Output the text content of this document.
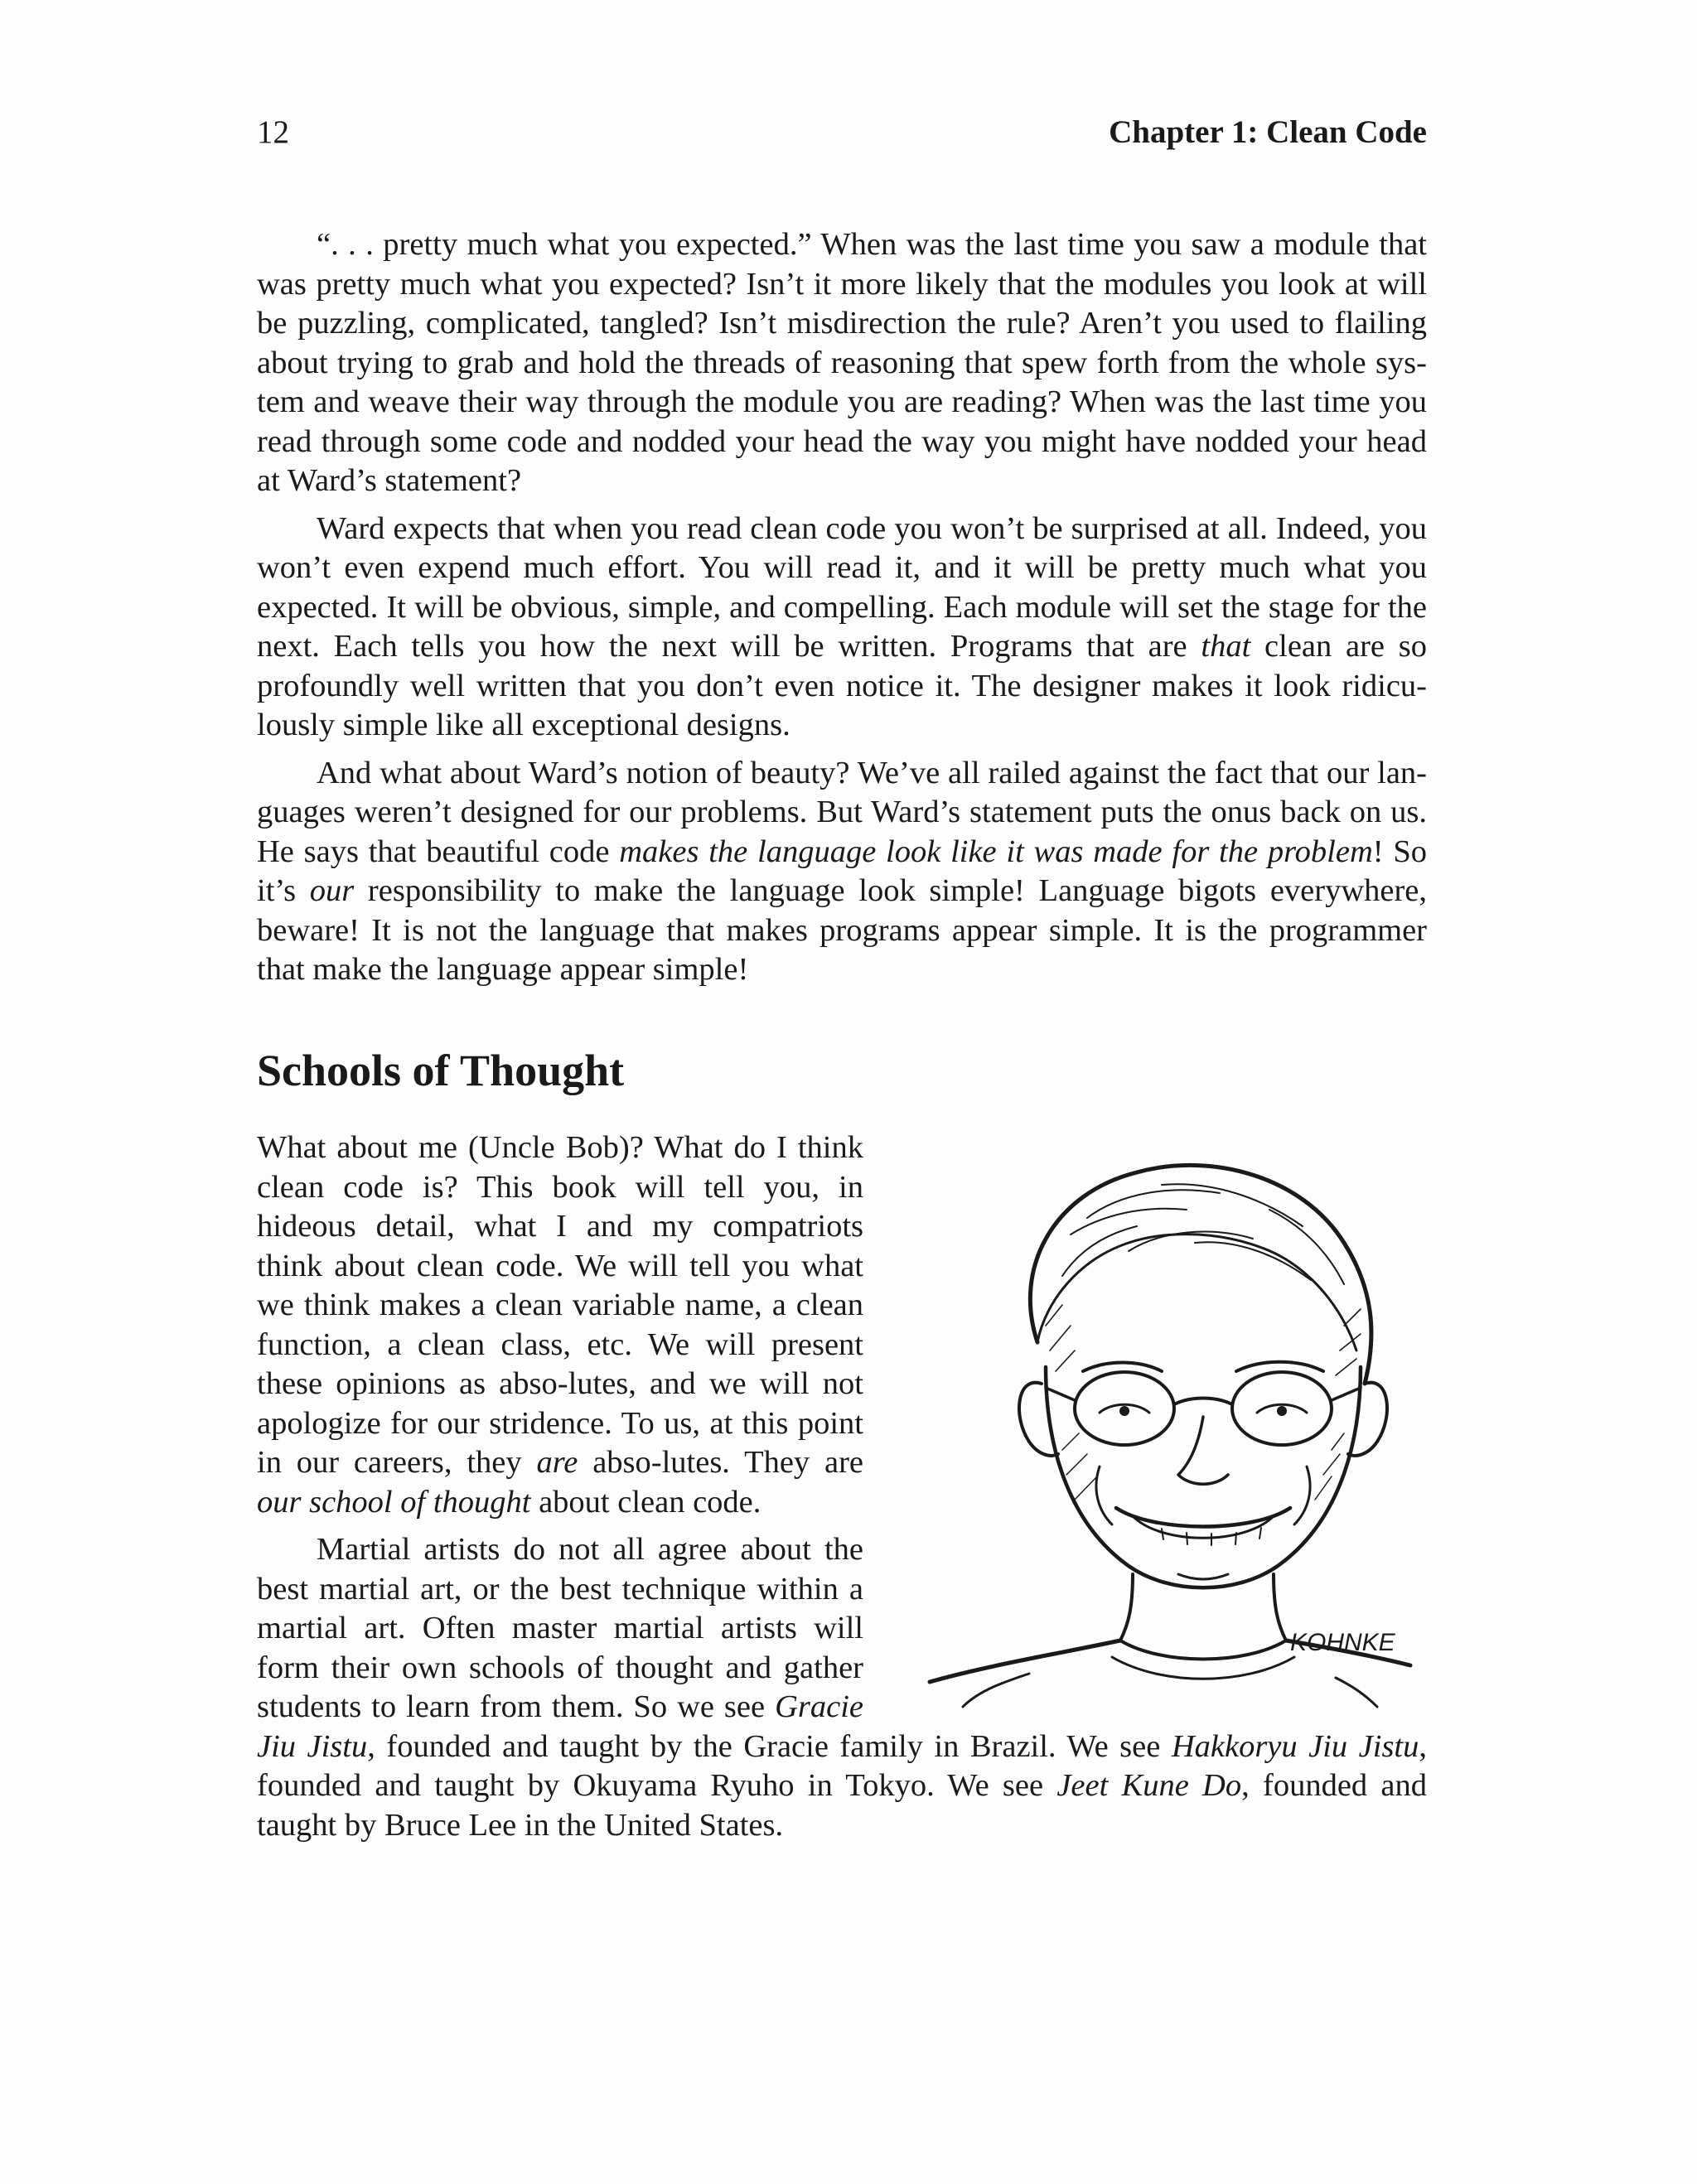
12	Chapter 1: Clean Code

“. . . pretty much what you expected.” When was the last time you saw a module that was pretty much what you expected? Isn’t it more likely that the modules you look at will be puzzling, complicated, tangled? Isn’t misdirection the rule? Aren’t you used to flailing about trying to grab and hold the threads of reasoning that spew forth from the whole sys-tem and weave their way through the module you are reading? When was the last time you read through some code and nodded your head the way you might have nodded your head at Ward’s statement?

Ward expects that when you read clean code you won’t be surprised at all. Indeed, you won’t even expend much effort. You will read it, and it will be pretty much what you expected. It will be obvious, simple, and compelling. Each module will set the stage for the next. Each tells you how the next will be written. Programs that are that clean are so profoundly well written that you don’t even notice it. The designer makes it look ridicu-lously simple like all exceptional designs.

And what about Ward’s notion of beauty? We’ve all railed against the fact that our lan-guages weren’t designed for our problems. But Ward’s statement puts the onus back on us. He says that beautiful code makes the language look like it was made for the problem! So it’s our responsibility to make the language look simple! Language bigots everywhere, beware! It is not the language that makes programs appear simple. It is the programmer that make the language appear simple!

Schools of Thought
KOHNKE

What about me (Uncle Bob)? What do I think clean code is? This book will tell you, in hideous detail, what I and my compatriots think about clean code. We will tell you what we think makes a clean variable name, a clean function, a clean class, etc. We will present these opinions as abso-lutes, and we will not apologize for our stridence. To us, at this point in our careers, they are abso-lutes. They are our school of thought about clean code.

Martial artists do not all agree about the best martial art, or the best technique within a martial art. Often master martial artists will form their own schools of thought and gather students to learn from them. So we see Gracie Jiu Jistu, founded and taught by the Gracie family in Brazil. We see Hakkoryu Jiu Jistu, founded and taught by Okuyama Ryuho in Tokyo. We see Jeet Kune Do, founded and taught by Bruce Lee in the United States.
